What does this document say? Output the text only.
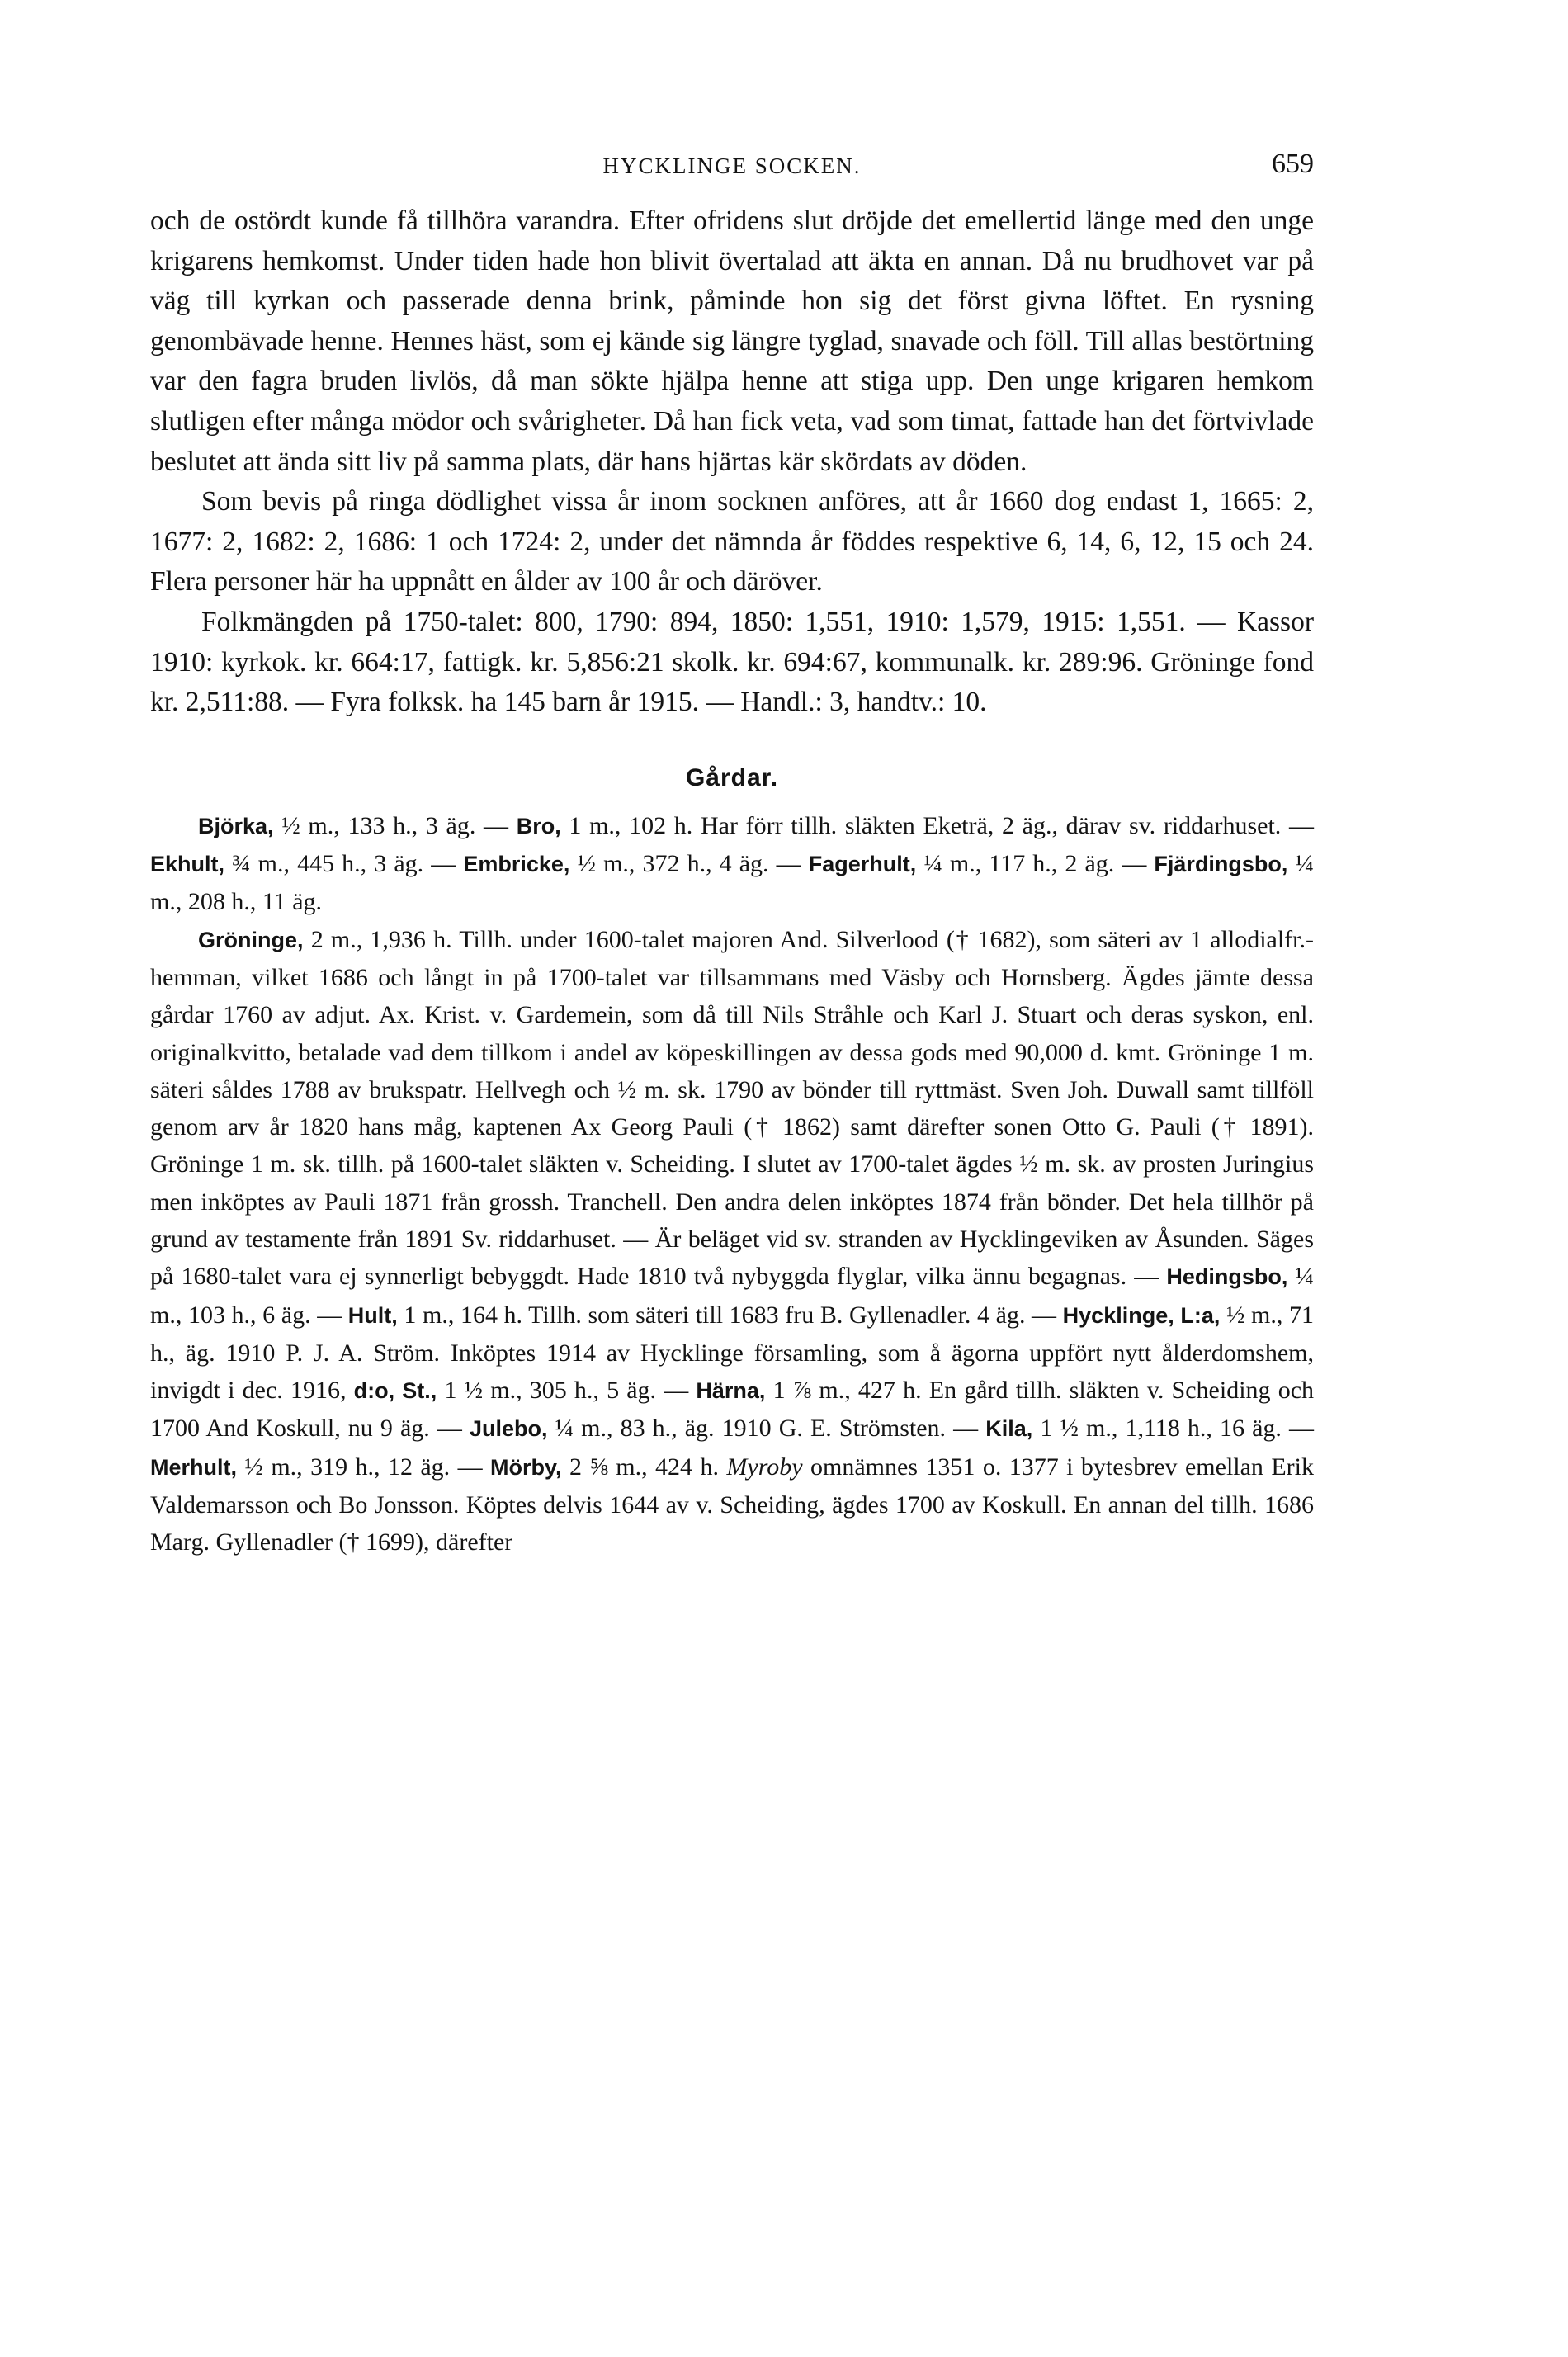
HYCKLINGE SOCKEN.	659

och de ostördt kunde få tillhöra varandra. Efter ofridens slut dröjde det emellertid länge med den unge krigarens hemkomst. Under tiden hade hon blivit övertalad att äkta en annan. Då nu brudhovet var på väg till kyrkan och passerade denna brink, påminde hon sig det först givna löftet. En rysning genombävade henne. Hennes häst, som ej kände sig längre tyglad, snavade och föll. Till allas bestörtning var den fagra bruden livlös, då man sökte hjälpa henne att stiga upp. Den unge krigaren hemkom slutligen efter många mödor och svårigheter. Då han fick veta, vad som timat, fattade han det förtvivlade beslutet att ända sitt liv på samma plats, där hans hjärtas kär skördats av döden.

Som bevis på ringa dödlighet vissa år inom socknen anföres, att år 1660 dog endast 1, 1665: 2, 1677: 2, 1682: 2, 1686: 1 och 1724: 2, under det nämnda år föddes respektive 6, 14, 6, 12, 15 och 24. Flera personer här ha uppnått en ålder av 100 år och däröver.

Folkmängden på 1750-talet: 800, 1790: 894, 1850: 1,551, 1910: 1,579, 1915: 1,551. — Kassor 1910: kyrkok. kr. 664:17, fattigk. kr. 5,856:21 skolk. kr. 694:67, kommunalk. kr. 289:96. Gröninge fond kr. 2,511:88. — Fyra folksk. ha 145 barn år 1915. — Handl.: 3, handtv.: 10.

Gårdar.

Björka, ½ m., 133 h., 3 äg. — Bro, 1 m., 102 h. Har förr tillh. släkten Eketrä, 2 äg., därav sv. riddarhuset. — Ekhult, ¾ m., 445 h., 3 äg. — Embricke, ½ m., 372 h., 4 äg. — Fagerhult, ¼ m., 117 h., 2 äg. — Fjärdingsbo, ¼ m., 208 h., 11 äg.

Gröninge, 2 m., 1,936 h. Tillh. under 1600-talet majoren And. Silverlood († 1682), som säteri av 1 allodialfr.-hemman, vilket 1686 och långt in på 1700-talet var tillsammans med Väsby och Hornsberg. Ägdes jämte dessa gårdar 1760 av adjut. Ax. Krist. v. Gardemein, som då till Nils Stråhle och Karl J. Stuart och deras syskon, enl. originalkvitto, betalade vad dem tillkom i andel av köpeskillingen av dessa gods med 90,000 d. kmt. Gröninge 1 m. säteri såldes 1788 av brukspatr. Hellvegh och ½ m. sk. 1790 av bönder till ryttmäst. Sven Joh. Duwall samt tillföll genom arv år 1820 hans måg, kaptenen Ax Georg Pauli († 1862) samt därefter sonen Otto G. Pauli († 1891). Gröninge 1 m. sk. tillh. på 1600-talet släkten v. Scheiding. I slutet av 1700-talet ägdes ½ m. sk. av prosten Juringius men inköptes av Pauli 1871 från grossh. Tranchell. Den andra delen inköptes 1874 från bönder. Det hela tillhör på grund av testamente från 1891 Sv. riddarhuset. — Är beläget vid sv. stranden av Hycklingeviken av Åsunden. Säges på 1680-talet vara ej synnerligt bebyggdt. Hade 1810 två nybyggda flyglar, vilka ännu begagnas. — Hedingsbo, ¼ m., 103 h., 6 äg. — Hult, 1 m., 164 h. Tillh. som säteri till 1683 fru B. Gyllenadler. 4 äg. — Hycklinge, L:a, ½ m., 71 h., äg. 1910 P. J. A. Ström. Inköptes 1914 av Hycklinge församling, som å ägorna uppfört nytt ålderdomshem, invigdt i dec. 1916, d:o, St., 1 ½ m., 305 h., 5 äg. — Härna, 1 ⅞ m., 427 h. En gård tillh. släkten v. Scheiding och 1700 And Koskull, nu 9 äg. — Julebo, ¼ m., 83 h., äg. 1910 G. E. Strömsten. — Kila, 1 ½ m., 1,118 h., 16 äg. — Merhult, ½ m., 319 h., 12 äg. — Mörby, 2 ⅝ m., 424 h. Myroby omnämnes 1351 o. 1377 i bytesbrev emellan Erik Valdemarsson och Bo Jonsson. Köptes delvis 1644 av v. Scheiding, ägdes 1700 av Koskull. En annan del tillh. 1686 Marg. Gyllenadler († 1699), därefter
